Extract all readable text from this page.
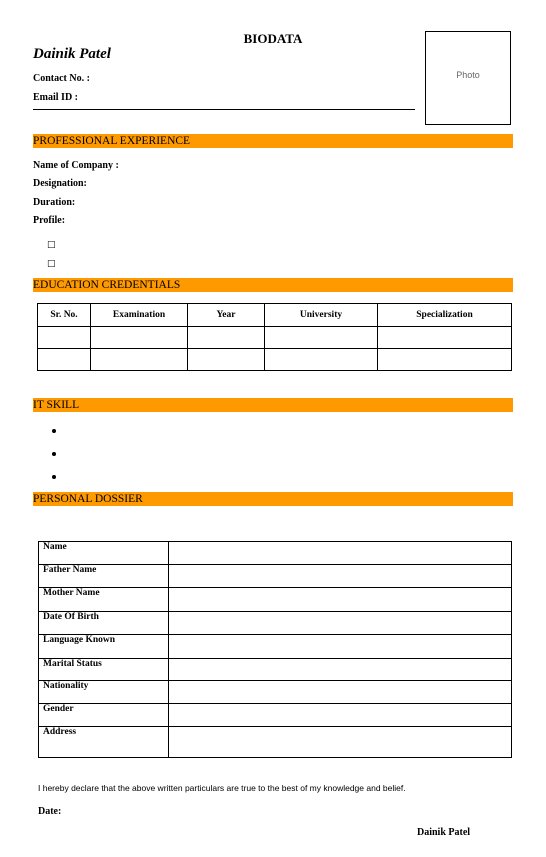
BIODATA
Dainik Patel
Contact No. :
Email ID :
Photo
PROFESSIONAL EXPERIENCE
Name of Company :
Designation:
Duration:
Profile:
□
□
EDUCATION CREDENTIALS
Sr. No.	Examination	Year	University	Specialization

IT SKILL
PERSONAL DOSSIER
Name	
Father Name	
Mother Name	
Date Of Birth	
Language Known	
Marital Status	
Nationality	
Gender	
Address	
I hereby declare that the above written particulars are true to the best of my knowledge and belief.
Date:
Dainik Patel
